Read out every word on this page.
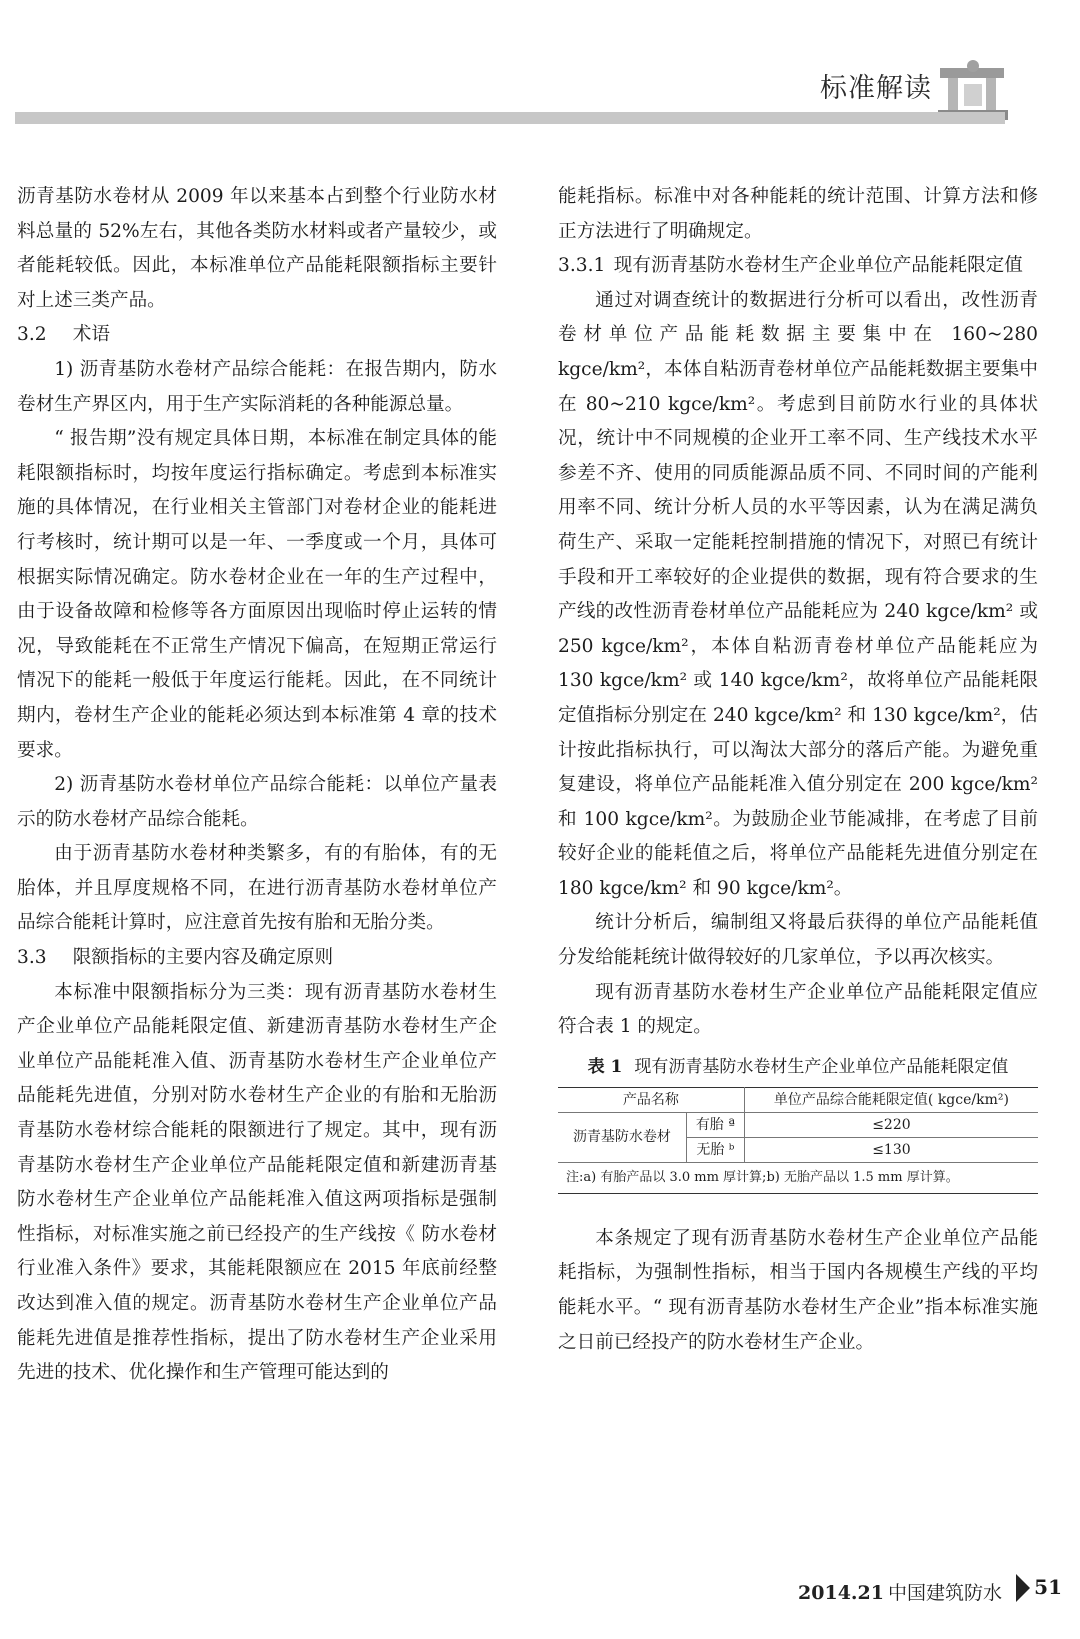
标准解读

沥青基防水卷材从 2009 年以来基本占到整个行业防水材料总量的 52%左右，其他各类防水材料或者产量较少，或者能耗较低。因此，本标准单位产品能耗限额指标主要针对上述三类产品。

3.2 术语

1) 沥青基防水卷材产品综合能耗：在报告期内，防水卷材生产界区内，用于生产实际消耗的各种能源总量。

“ 报告期”没有规定具体日期，本标准在制定具体的能耗限额指标时，均按年度运行指标确定。考虑到本标准实施的具体情况，在行业相关主管部门对卷材企业的能耗进行考核时，统计期可以是一年、一季度或一个月，具体可根据实际情况确定。防水卷材企业在一年的生产过程中，由于设备故障和检修等各方面原因出现临时停止运转的情况，导致能耗在不正常生产情况下偏高，在短期正常运行情况下的能耗一般低于年度运行能耗。因此，在不同统计期内，卷材生产企业的能耗必须达到本标准第 4 章的技术要求。

2) 沥青基防水卷材单位产品综合能耗：以单位产量表示的防水卷材产品综合能耗。

由于沥青基防水卷材种类繁多，有的有胎体，有的无胎体，并且厚度规格不同，在进行沥青基防水卷材单位产品综合能耗计算时，应注意首先按有胎和无胎分类。

3.3 限额指标的主要内容及确定原则

本标准中限额指标分为三类：现有沥青基防水卷材生产企业单位产品能耗限定值、新建沥青基防水卷材生产企业单位产品能耗准入值、沥青基防水卷材生产企业单位产品能耗先进值，分别对防水卷材生产企业的有胎和无胎沥青基防水卷材综合能耗的限额进行了规定。其中，现有沥青基防水卷材生产企业单位产品能耗限定值和新建沥青基防水卷材生产企业单位产品能耗准入值这两项指标是强制性指标，对标准实施之前已经投产的生产线按《 防水卷材行业准入条件》要求，其能耗限额应在 2015 年底前经整改达到准入值的规定。沥青基防水卷材生产企业单位产品能耗先进值是推荐性指标，提出了防水卷材生产企业采用先进的技术、优化操作和生产管理可能达到的

能耗指标。标准中对各种能耗的统计范围、计算方法和修正方法进行了明确规定。

3.3.1 现有沥青基防水卷材生产企业单位产品能耗限定值

通过对调查统计的数据进行分析可以看出，改性沥青卷材单位产品能耗数据主要集中在 160~280 kgce/km²，本体自粘沥青卷材单位产品能耗数据主要集中在 80~210 kgce/km²。考虑到目前防水行业的具体状况，统计中不同规模的企业开工率不同、生产线技术水平参差不齐、使用的同质能源品质不同、不同时间的产能利用率不同、统计分析人员的水平等因素，认为在满足满负荷生产、采取一定能耗控制措施的情况下，对照已有统计手段和开工率较好的企业提供的数据，现有符合要求的生产线的改性沥青卷材单位产品能耗应为 240 kgce/km² 或 250 kgce/km²，本体自粘沥青卷材单位产品能耗应为 130 kgce/km² 或 140 kgce/km²，故将单位产品能耗限定值指标分别定在 240 kgce/km² 和 130 kgce/km²，估计按此指标执行，可以淘汰大部分的落后产能。为避免重复建设，将单位产品能耗准入值分别定在 200 kgce/km² 和 100 kgce/km²。为鼓励企业节能减排，在考虑了目前较好企业的能耗值之后，将单位产品能耗先进值分别定在 180 kgce/km² 和 90 kgce/km²。

统计分析后，编制组又将最后获得的单位产品能耗值分发给能耗统计做得较好的几家单位，予以再次核实。

现有沥青基防水卷材生产企业单位产品能耗限定值应符合表 1 的规定。

表 1 现有沥青基防水卷材生产企业单位产品能耗限定值
产品名称		单位产品综合能耗限定值( kgce/km²)
沥青基防水卷材	有胎 ª	≤220
	无胎 ᵇ	≤130
注:a) 有胎产品以 3.0 mm 厚计算;b) 无胎产品以 1.5 mm 厚计算。		

本条规定了现有沥青基防水卷材生产企业单位产品能耗指标，为强制性指标，相当于国内各规模生产线的平均能耗水平。“ 现有沥青基防水卷材生产企业”指本标准实施之日前已经投产的防水卷材生产企业。

2014.21 中国建筑防水 51
